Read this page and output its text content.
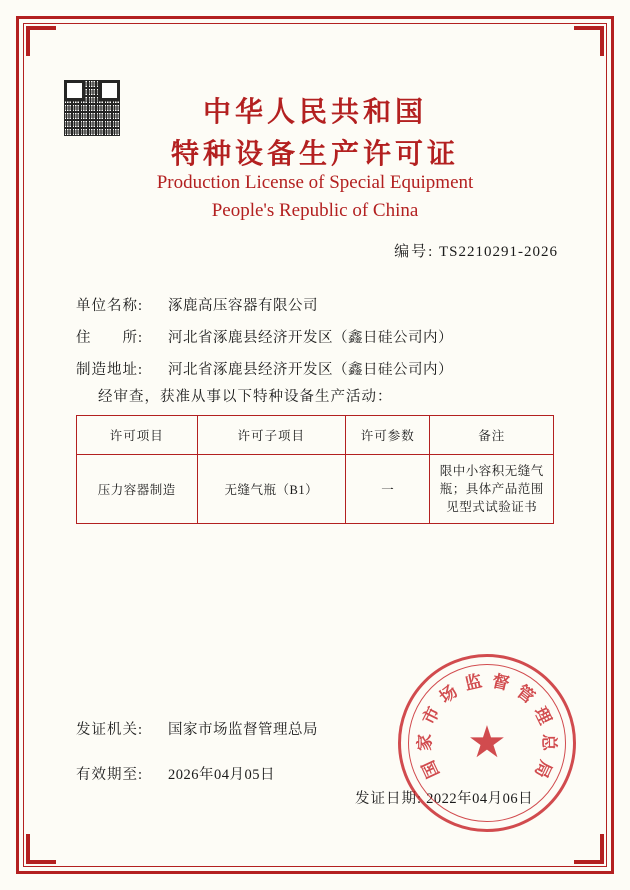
中华人民共和国
特种设备生产许可证
Production License of Special Equipment
People's Republic of China
编号: TS2210291-2026
单位名称:	涿鹿高压容器有限公司
住　　所:	河北省涿鹿县经济开发区（鑫日硅公司内）
制造地址:	河北省涿鹿县经济开发区（鑫日硅公司内）
经审查，获准从事以下特种设备生产活动：
许可项目	许可子项目	许可参数	备注
压力容器制造	无缝气瓶（B1）	一	限中小容积无缝气瓶；具体产品范围见型式试验证书
发证机关:	国家市场监督管理总局
有效期至:	2026年04月05日
发证日期: 2022年04月06日
★
国
家
市
场 监 督 管
理
总
局
